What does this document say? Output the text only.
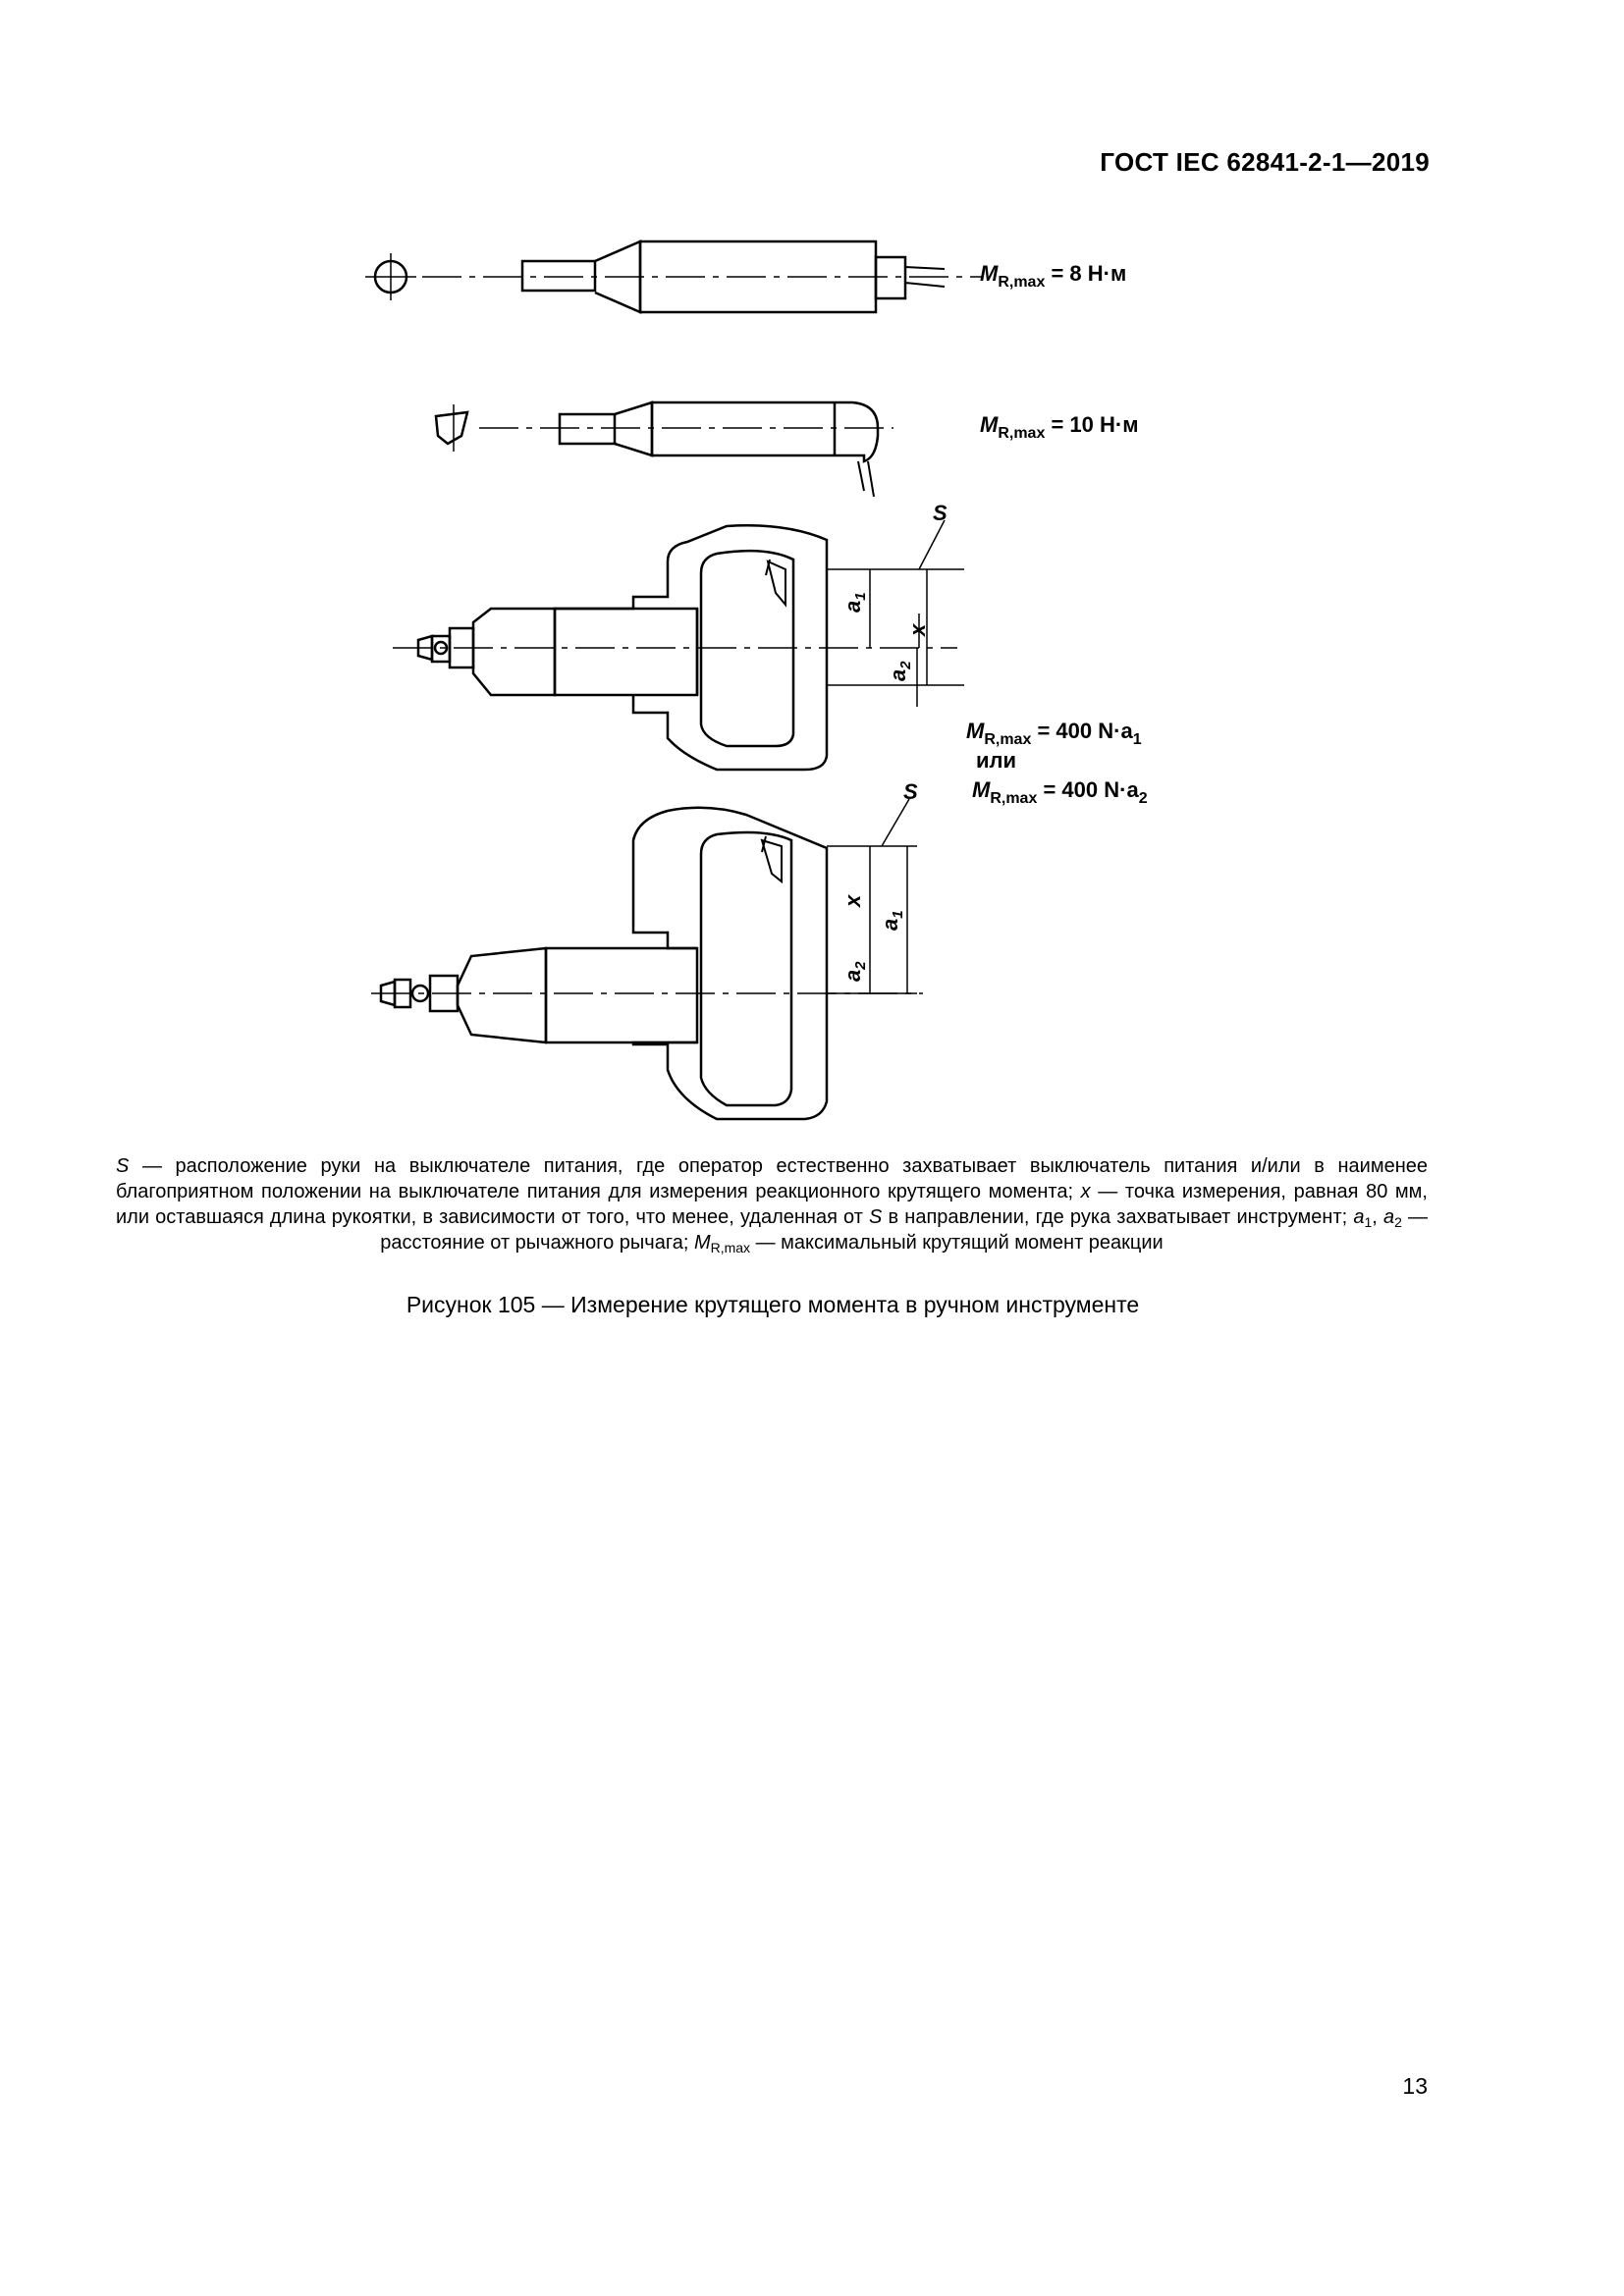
ГОСТ IEC 62841-2-1—2019
$M_{R,max} = 8$ Н·м
$M_{R,max} = 10$ Н·м
$M_{R,max} = 400$ $N\cdot a_1$
или
$M_{R,max} = 400$ $N\cdot a_2$
S
S
$a_1$
x
$a_2$
x
$a_1$
$a_2$
S — расположение руки на выключателе питания, где оператор естественно захватывает выключатель питания и/или в наименее благоприятном положении на выключателе питания для измерения реакционного крутящего момента; x — точка измерения, равная 80 мм, или оставшаяся длина рукоятки, в зависимости от того, что менее, удаленная от S в направлении, где рука захватывает инструмент; $a_1$, $a_2$ — расстояние от рычажного рычага; $M_{R,max}$ — максимальный крутящий момент реакции
Рисунок 105 — Измерение крутящего момента в ручном инструменте
13
